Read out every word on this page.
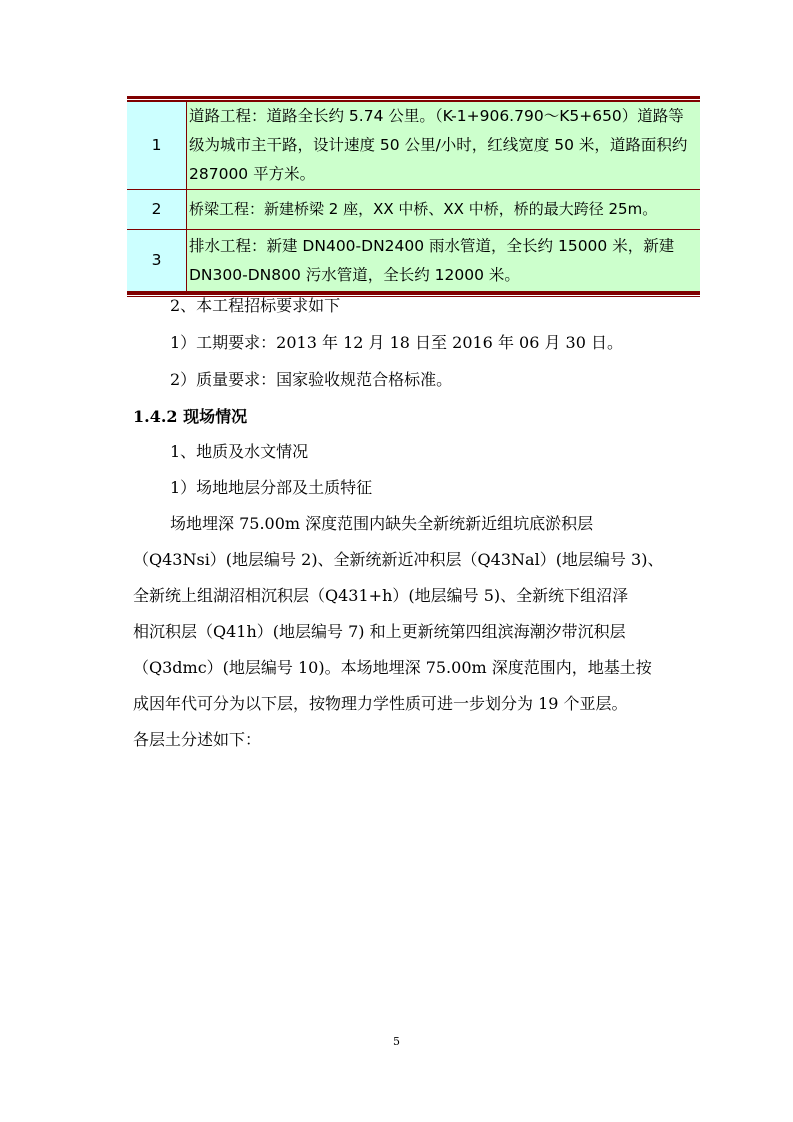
1	道路工程：道路全长约 5.74 公里。（K-1+906.790～K5+650）道路等级为城市主干路，设计速度 50 公里/小时，红线宽度 50 米，道路面积约 287000 平方米。
2	桥梁工程：新建桥梁 2 座，XX 中桥、XX 中桥，桥的最大跨径 25m。
3	排水工程：新建 DN400-DN2400 雨水管道，全长约 15000 米，新建 DN300-DN800 污水管道，全长约 12000 米。
2、本工程招标要求如下
1）工期要求：2013 年 12 月 18 日至 2016 年 06 月 30 日。
2）质量要求：国家验收规范合格标准。
1.4.2 现场情况
1、地质及水文情况
1）场地地层分部及土质特征
场地埋深 75.00m 深度范围内缺失全新统新近组坑底淤积层
（Q43Nsi）(地层编号 2)、全新统新近冲积层（Q43Nal）(地层编号 3)、
全新统上组湖沼相沉积层（Q431+h）(地层编号 5)、全新统下组沼泽
相沉积层（Q41h）(地层编号 7) 和上更新统第四组滨海潮汐带沉积层
（Q3dmc）(地层编号 10)。本场地埋深 75.00m 深度范围内，地基土按
成因年代可分为以下层，按物理力学性质可进一步划分为 19 个亚层。
各层土分述如下：
5
